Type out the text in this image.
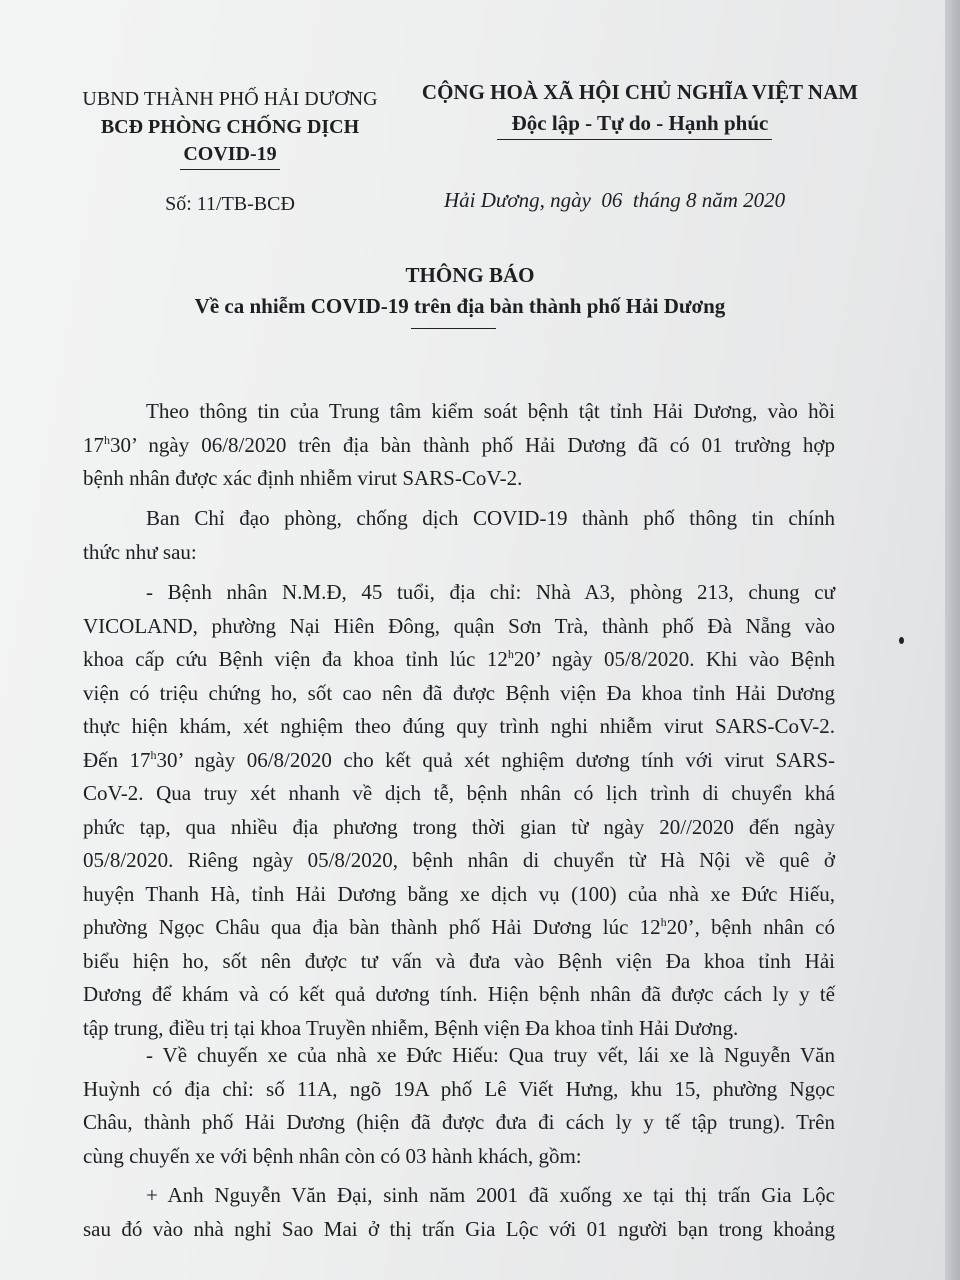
UBND THÀNH PHỐ HẢI DƯƠNG
BCĐ PHÒNG CHỐNG DỊCH
COVID-19
Số: 11/TB-BCĐ
CỘNG HOÀ XÃ HỘI CHỦ NGHĨA VIỆT NAM
Độc lập - Tự do - Hạnh phúc
Hải Dương, ngày  06  tháng 8 năm 2020
THÔNG BÁO
Về ca nhiễm COVID-19 trên địa bàn thành phố Hải Dương
Theo thông tin của Trung tâm kiểm soát bệnh tật tỉnh Hải Dương, vào hồi
17$^h$30’ ngày 06/8/2020 trên địa bàn thành phố Hải Dương đã có 01 trường hợp
bệnh nhân được xác định nhiễm virut SARS-CoV-2.
Ban Chỉ đạo phòng, chống dịch COVID-19 thành phố thông tin chính
thức như sau:
- Bệnh nhân N.M.Đ, 45 tuổi, địa chỉ: Nhà A3, phòng 213, chung cư
VICOLAND, phường Nại Hiên Đông, quận Sơn Trà, thành phố Đà Nẵng vào
khoa cấp cứu Bệnh viện đa khoa tỉnh lúc 12$^h$20’ ngày 05/8/2020. Khi vào Bệnh
viện có triệu chứng ho, sốt cao nên đã được Bệnh viện Đa khoa tỉnh Hải Dương
thực hiện khám, xét nghiệm theo đúng quy trình nghi nhiễm virut SARS-CoV-2.
Đến 17$^h$30’ ngày 06/8/2020 cho kết quả xét nghiệm dương tính với virut SARS-
CoV-2. Qua truy xét nhanh về dịch tễ, bệnh nhân có lịch trình di chuyển khá
phức tạp, qua nhiều địa phương trong thời gian từ ngày 20//2020 đến ngày
05/8/2020. Riêng ngày 05/8/2020, bệnh nhân di chuyển từ Hà Nội về quê ở
huyện Thanh Hà, tỉnh Hải Dương bằng xe dịch vụ (100) của nhà xe Đức Hiếu,
phường Ngọc Châu qua địa bàn thành phố Hải Dương lúc 12$^h$20’, bệnh nhân có
biểu hiện ho, sốt nên được tư vấn và đưa vào Bệnh viện Đa khoa tỉnh Hải
Dương để khám và có kết quả dương tính. Hiện bệnh nhân đã được cách ly y tế
tập trung, điều trị tại khoa Truyền nhiễm, Bệnh viện Đa khoa tỉnh Hải Dương.
- Về chuyến xe của nhà xe Đức Hiếu: Qua truy vết, lái xe là Nguyễn Văn
Huỳnh có địa chỉ: số 11A, ngõ 19A phố Lê Viết Hưng, khu 15, phường Ngọc
Châu, thành phố Hải Dương (hiện đã được đưa đi cách ly y tế tập trung). Trên
cùng chuyến xe với bệnh nhân còn có 03 hành khách, gồm:
+ Anh Nguyễn Văn Đại, sinh năm 2001 đã xuống xe tại thị trấn Gia Lộc
sau đó vào nhà nghỉ Sao Mai ở thị trấn Gia Lộc với 01 người bạn trong khoảng
